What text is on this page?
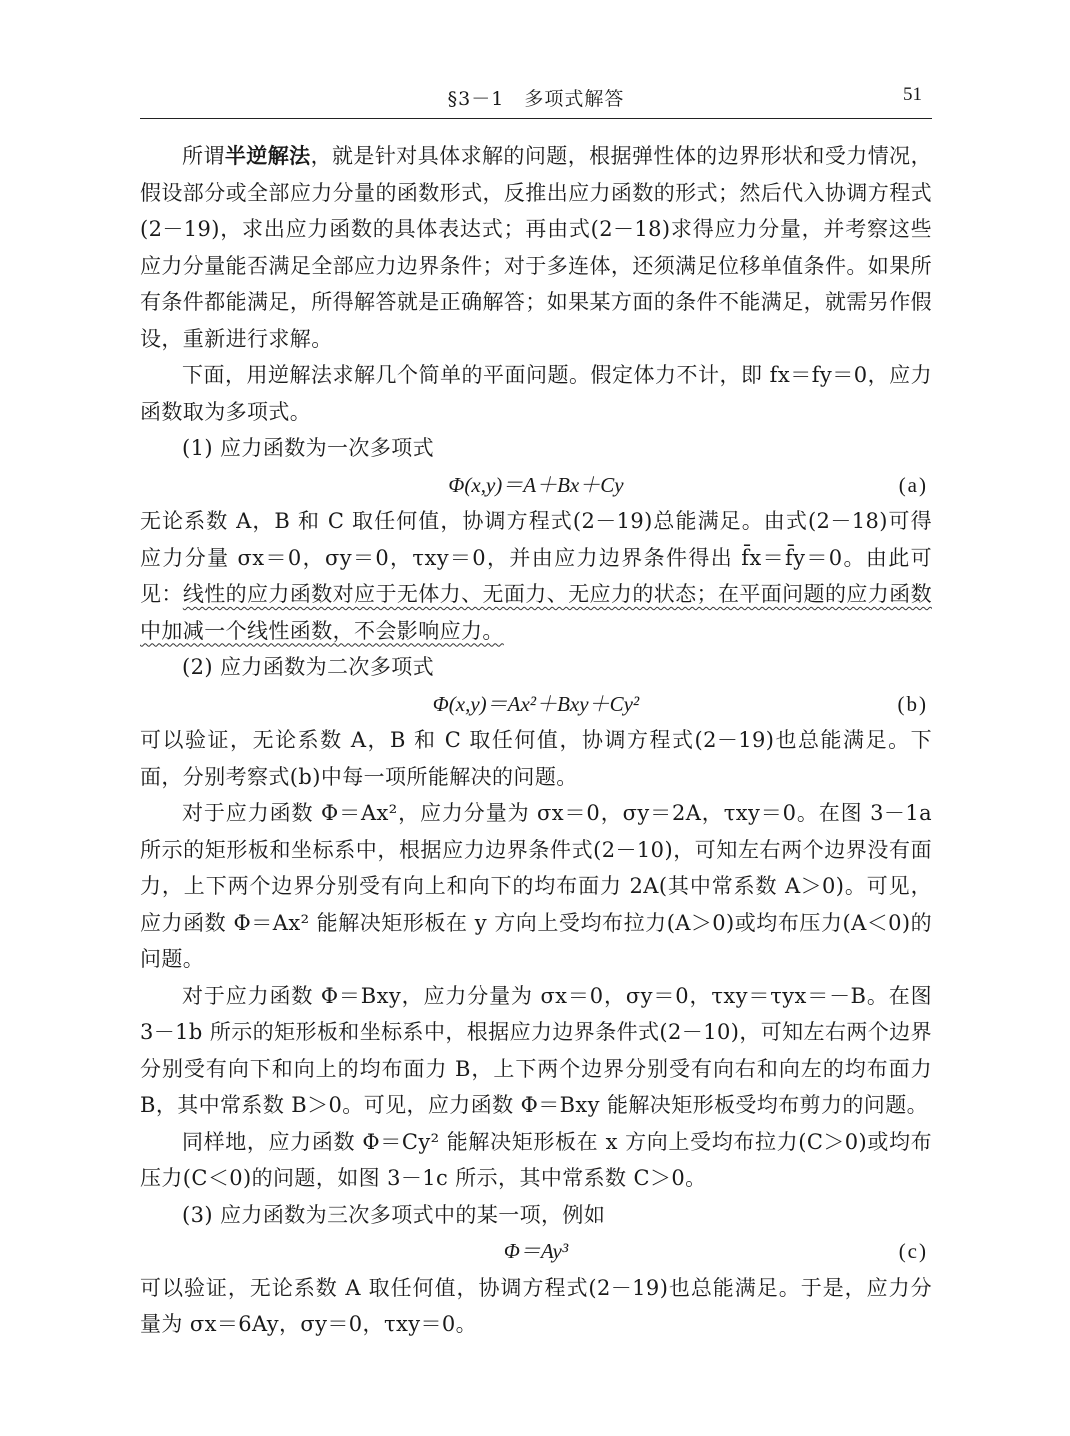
§3－1　多项式解答	51

所谓半逆解法，就是针对具体求解的问题，根据弹性体的边界形状和受力情况，假设部分或全部应力分量的函数形式，反推出应力函数的形式；然后代入协调方程式(2－19)，求出应力函数的具体表达式；再由式(2－18)求得应力分量，并考察这些应力分量能否满足全部应力边界条件；对于多连体，还须满足位移单值条件。如果所有条件都能满足，所得解答就是正确解答；如果某方面的条件不能满足，就需另作假设，重新进行求解。

下面，用逆解法求解几个简单的平面问题。假定体力不计，即 fx＝fy＝0，应力函数取为多项式。

(1) 应力函数为一次多项式

Φ(x,y)＝A＋Bx＋Cy	(a)

无论系数 A，B 和 C 取任何值，协调方程式(2－19)总能满足。由式(2－18)可得应力分量 σx＝0，σy＝0，τxy＝0，并由应力边界条件得出 f̄x＝f̄y＝0。由此可见：线性的应力函数对应于无体力、无面力、无应力的状态；在平面问题的应力函数中加减一个线性函数，不会影响应力。

(2) 应力函数为二次多项式

Φ(x,y)＝Ax²＋Bxy＋Cy²	(b)

可以验证，无论系数 A，B 和 C 取任何值，协调方程式(2－19)也总能满足。下面，分别考察式(b)中每一项所能解决的问题。

对于应力函数 Φ＝Ax²，应力分量为 σx＝0，σy＝2A，τxy＝0。在图 3－1a 所示的矩形板和坐标系中，根据应力边界条件式(2－10)，可知左右两个边界没有面力，上下两个边界分别受有向上和向下的均布面力 2A(其中常系数 A＞0)。可见，应力函数 Φ＝Ax² 能解决矩形板在 y 方向上受均布拉力(A＞0)或均布压力(A＜0)的问题。

对于应力函数 Φ＝Bxy，应力分量为 σx＝0，σy＝0，τxy＝τyx＝－B。在图 3－1b 所示的矩形板和坐标系中，根据应力边界条件式(2－10)，可知左右两个边界分别受有向下和向上的均布面力 B，上下两个边界分别受有向右和向左的均布面力 B，其中常系数 B＞0。可见，应力函数 Φ＝Bxy 能解决矩形板受均布剪力的问题。

同样地，应力函数 Φ＝Cy² 能解决矩形板在 x 方向上受均布拉力(C＞0)或均布压力(C＜0)的问题，如图 3－1c 所示，其中常系数 C＞0。

(3) 应力函数为三次多项式中的某一项，例如

Φ＝Ay³	(c)

可以验证，无论系数 A 取任何值，协调方程式(2－19)也总能满足。于是，应力分量为 σx＝6Ay，σy＝0，τxy＝0。
